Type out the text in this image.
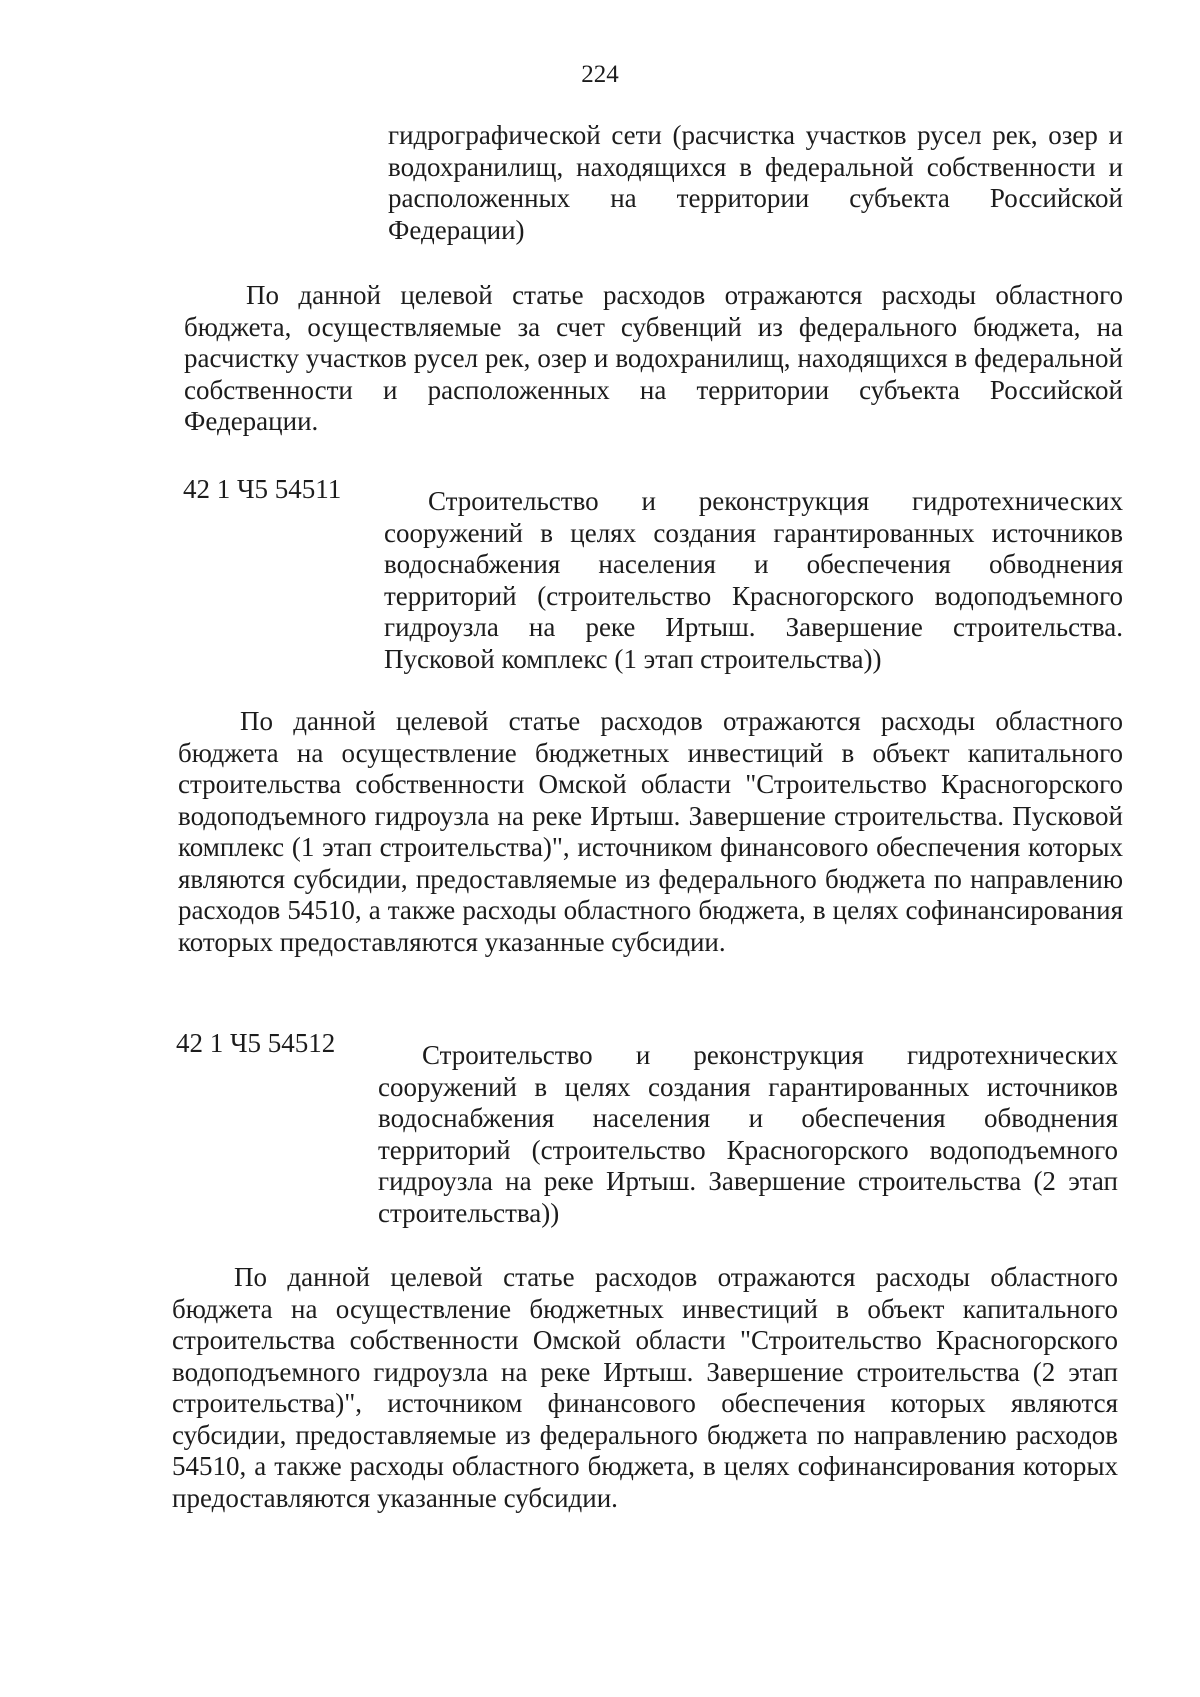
224
гидрографической сети (расчистка участков русел рек, озер и водохранилищ, находящихся в федеральной собственности и расположенных на территории субъекта Российской Федерации)
По данной целевой статье расходов отражаются расходы областного бюджета, осуществляемые за счет субвенций из федерального бюджета, на расчистку участков русел рек, озер и водохранилищ, находящихся в федеральной собственности и расположенных на территории субъекта Российской Федерации.
42 1 Ч5 54511	Строительство и реконструкция гидротехнических сооружений в целях создания гарантированных источников водоснабжения населения и обеспечения обводнения территорий (строительство Красногорского водоподъемного гидроузла на реке Иртыш. Завершение строительства. Пусковой комплекс (1 этап строительства))
По данной целевой статье расходов отражаются расходы областного бюджета на осуществление бюджетных инвестиций в объект капитального строительства собственности Омской области "Строительство Красногорского водоподъемного гидроузла на реке Иртыш. Завершение строительства. Пусковой комплекс (1 этап строительства)", источником финансового обеспечения которых являются субсидии, предоставляемые из федерального бюджета по направлению расходов 54510, а также расходы областного бюджета, в целях софинансирования которых предоставляются указанные субсидии.
42 1 Ч5 54512	Строительство и реконструкция гидротехнических сооружений в целях создания гарантированных источников водоснабжения населения и обеспечения обводнения территорий (строительство Красногорского водоподъемного гидроузла на реке Иртыш. Завершение строительства (2 этап строительства))
По данной целевой статье расходов отражаются расходы областного бюджета на осуществление бюджетных инвестиций в объект капитального строительства собственности Омской области "Строительство Красногорского водоподъемного гидроузла на реке Иртыш. Завершение строительства (2 этап строительства)", источником финансового обеспечения которых являются субсидии, предоставляемые из федерального бюджета по направлению расходов 54510, а также расходы областного бюджета, в целях софинансирования которых предоставляются указанные субсидии.
